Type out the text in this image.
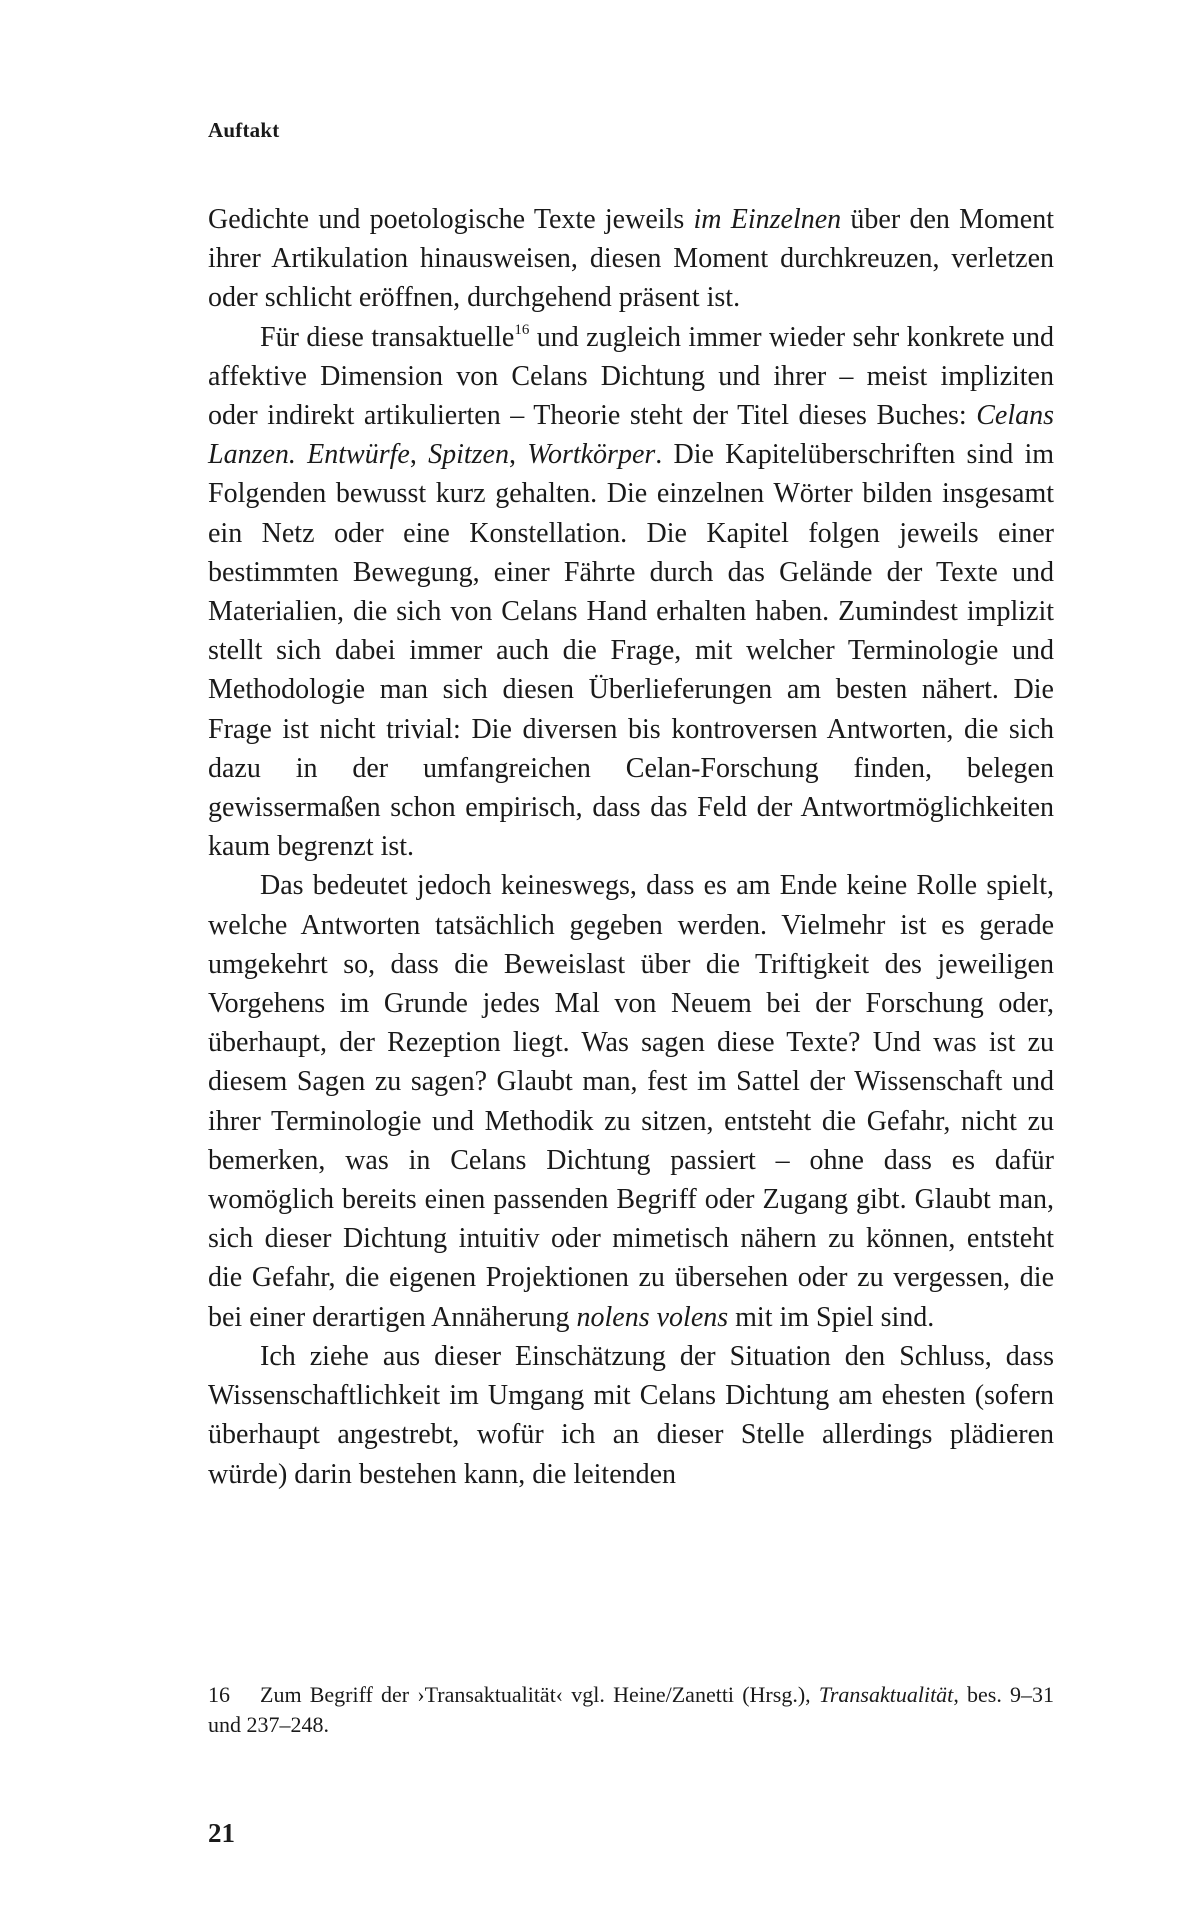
Auftakt

Gedichte und poetologische Texte jeweils im Einzelnen über den Moment ihrer Artikulation hinausweisen, diesen Moment durchkreuzen, verletzen oder schlicht eröffnen, durchgehend präsent ist.

Für diese transaktuelle$^{16}$ und zugleich immer wieder sehr konkrete und affektive Dimension von Celans Dichtung und ihrer – meist impliziten oder indirekt artikulierten – Theorie steht der Titel dieses Buches: Celans Lanzen. Entwürfe, Spitzen, Wortkörper. Die Kapitelüberschriften sind im Folgenden bewusst kurz gehalten. Die einzelnen Wörter bilden insgesamt ein Netz oder eine Konstellation. Die Kapitel folgen jeweils einer bestimmten Bewegung, einer Fährte durch das Gelände der Texte und Materialien, die sich von Celans Hand erhalten haben. Zumindest implizit stellt sich dabei immer auch die Frage, mit welcher Terminologie und Methodologie man sich diesen Überlieferungen am besten nähert. Die Frage ist nicht trivial: Die diversen bis kontroversen Antworten, die sich dazu in der umfangreichen Celan-Forschung finden, belegen gewissermaßen schon empirisch, dass das Feld der Antwortmöglichkeiten kaum begrenzt ist.

Das bedeutet jedoch keineswegs, dass es am Ende keine Rolle spielt, welche Antworten tatsächlich gegeben werden. Vielmehr ist es gerade umgekehrt so, dass die Beweislast über die Triftigkeit des jeweiligen Vorgehens im Grunde jedes Mal von Neuem bei der Forschung oder, überhaupt, der Rezeption liegt. Was sagen diese Texte? Und was ist zu diesem Sagen zu sagen? Glaubt man, fest im Sattel der Wissenschaft und ihrer Terminologie und Methodik zu sitzen, entsteht die Gefahr, nicht zu bemerken, was in Celans Dichtung passiert – ohne dass es dafür womöglich bereits einen passenden Begriff oder Zugang gibt. Glaubt man, sich dieser Dichtung intuitiv oder mimetisch nähern zu können, entsteht die Gefahr, die eigenen Projektionen zu übersehen oder zu vergessen, die bei einer derartigen Annäherung nolens volens mit im Spiel sind.

Ich ziehe aus dieser Einschätzung der Situation den Schluss, dass Wissenschaftlichkeit im Umgang mit Celans Dichtung am ehesten (sofern überhaupt angestrebt, wofür ich an dieser Stelle allerdings plädieren würde) darin bestehen kann, die leitenden

16 Zum Begriff der ›Transaktualität‹ vgl. Heine/Zanetti (Hrsg.), Transaktualität, bes. 9–31 und 237–248.
21
